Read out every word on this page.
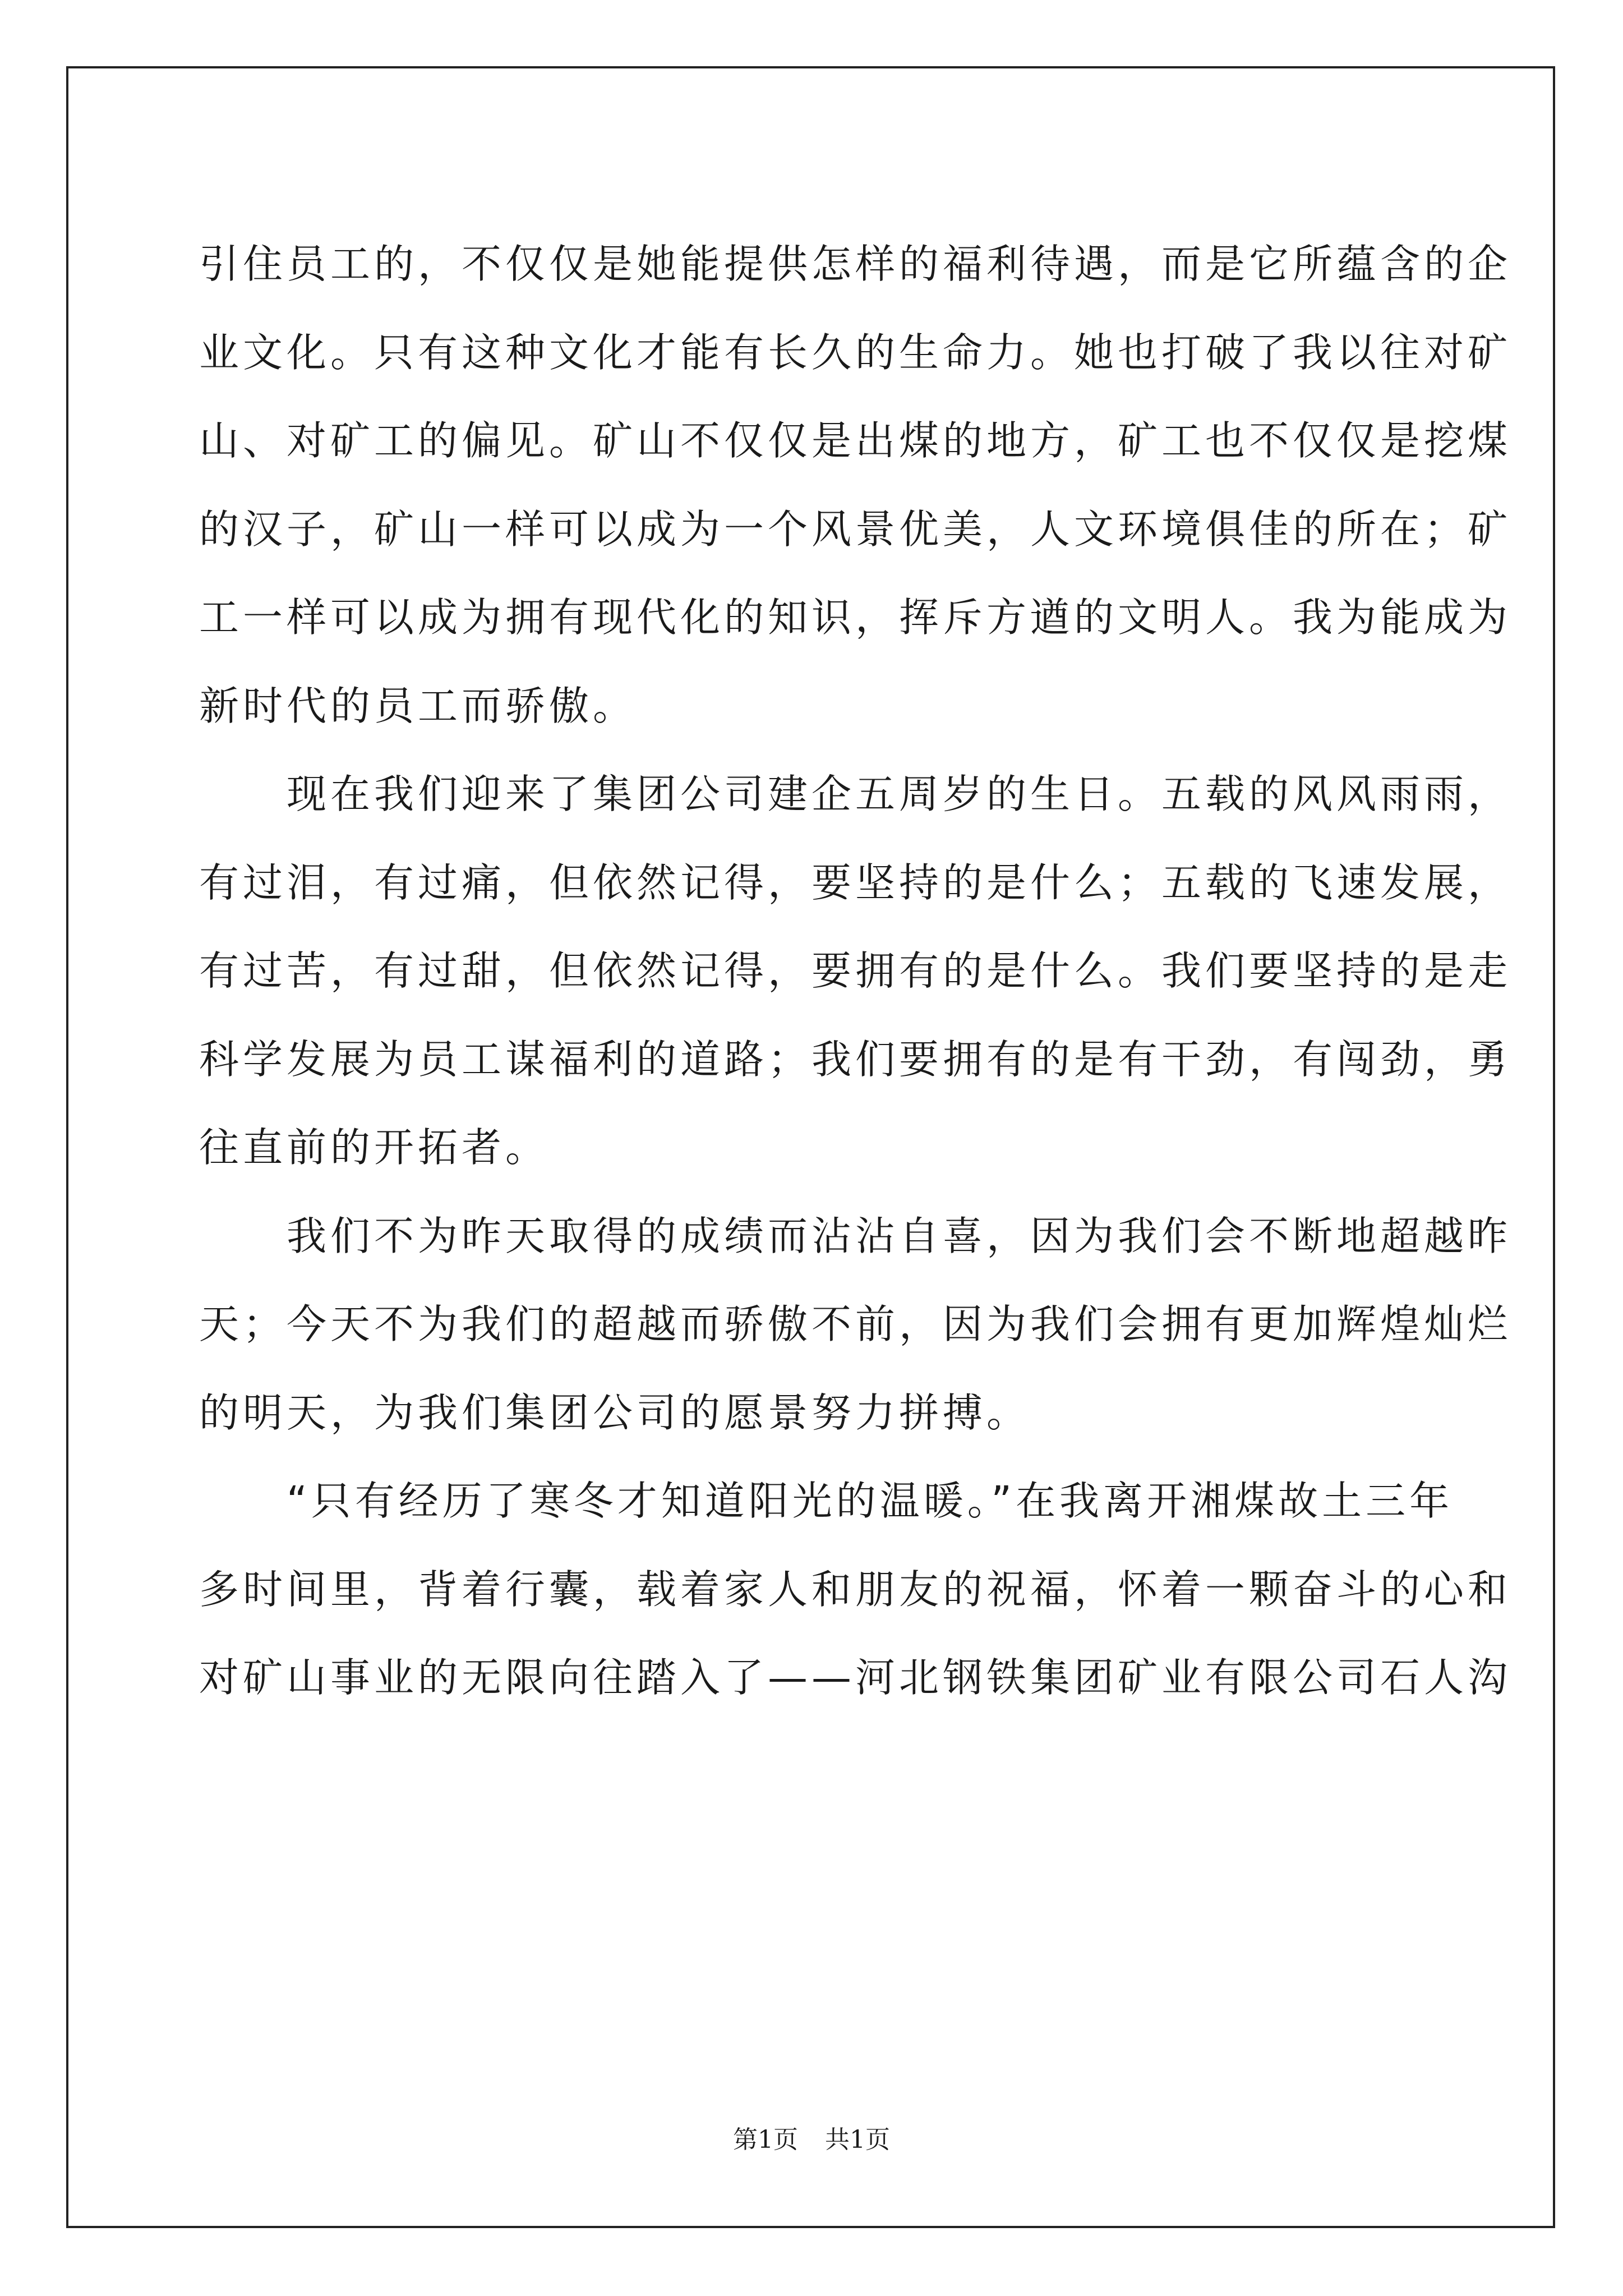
引住员工的，不仅仅是她能提供怎样的福利待遇，而是它所蕴含的企
业文化。只有这种文化才能有长久的生命力。她也打破了我以往对矿
山、对矿工的偏见。矿山不仅仅是出煤的地方，矿工也不仅仅是挖煤
的汉子，矿山一样可以成为一个风景优美，人文环境俱佳的所在；矿
工一样可以成为拥有现代化的知识，挥斥方遒的文明人。我为能成为
新时代的员工而骄傲。
　　现在我们迎来了集团公司建企五周岁的生日。五载的风风雨雨，
有过泪，有过痛，但依然记得，要坚持的是什么；五载的飞速发展，
有过苦，有过甜，但依然记得，要拥有的是什么。我们要坚持的是走
科学发展为员工谋福利的道路；我们要拥有的是有干劲，有闯劲，勇
往直前的开拓者。
　　我们不为昨天取得的成绩而沾沾自喜，因为我们会不断地超越昨
天；今天不为我们的超越而骄傲不前，因为我们会拥有更加辉煌灿烂
的明天，为我们集团公司的愿景努力拼搏。
　　“只有经历了寒冬才知道阳光的温暖。”在我离开湘煤故土三年
多时间里，背着行囊，载着家人和朋友的祝福，怀着一颗奋斗的心和
对矿山事业的无限向往踏入了——河北钢铁集团矿业有限公司石人沟
第1页 共1页
